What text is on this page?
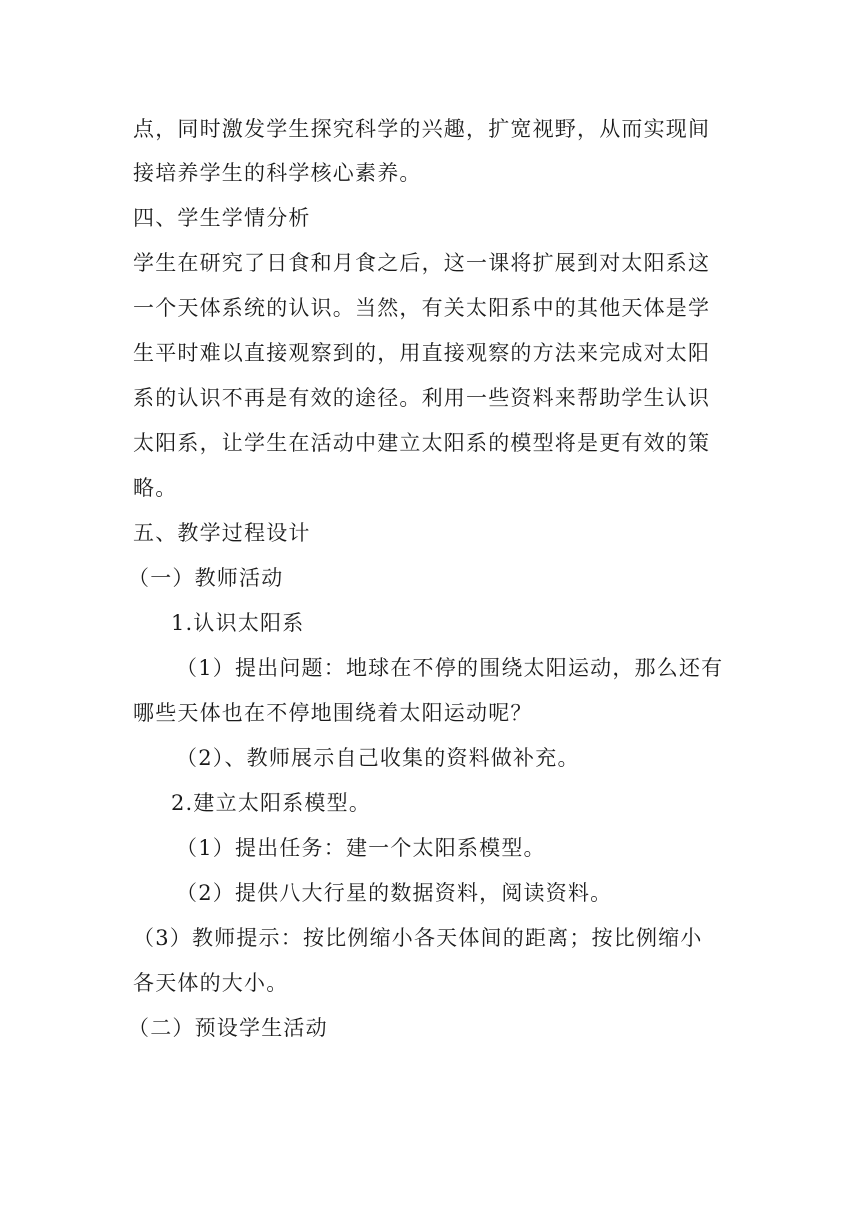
点，同时激发学生探究科学的兴趣，扩宽视野，从而实现间

接培养学生的科学核心素养。

四、学生学情分析

学生在研究了日食和月食之后，这一课将扩展到对太阳系这

一个天体系统的认识。当然，有关太阳系中的其他天体是学

生平时难以直接观察到的，用直接观察的方法来完成对太阳

系的认识不再是有效的途径。利用一些资料来帮助学生认识

太阳系，让学生在活动中建立太阳系的模型将是更有效的策

略。

五、教学过程设计

（一）教师活动

1.认识太阳系

（1）提出问题：地球在不停的围绕太阳运动，那么还有

哪些天体也在不停地围绕着太阳运动呢？

（2）、教师展示自己收集的资料做补充。

2.建立太阳系模型。

（1）提出任务：建一个太阳系模型。

（2）提供八大行星的数据资料，阅读资料。

（3）教师提示：按比例缩小各天体间的距离；按比例缩小

各天体的大小。

（二）预设学生活动
